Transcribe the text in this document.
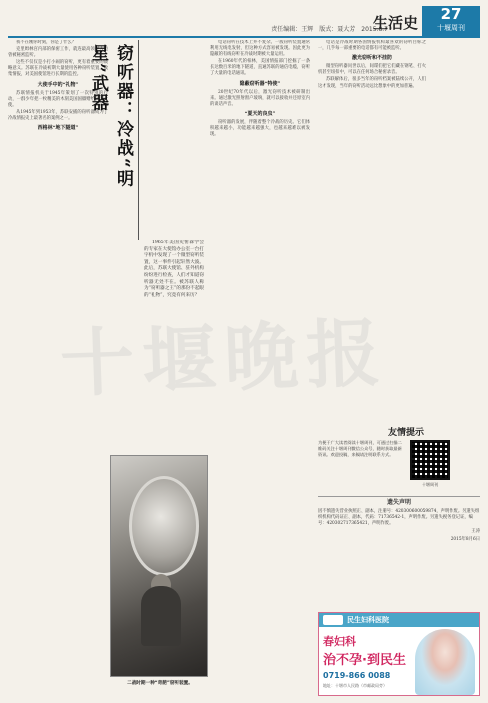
责任编辑：王辉　版式：聂大芳　2015.8.7
生活史	27
十堰周刊
十堰晚报

我不在刚你时刻，你是了什么？

克里姆林宫内部的保密工作，就连最高领导人也曾被秘密监听。

这些不仅仅是小打小闹的窃听，更有着重要的战略意义。苏联在冷战初期大量使用各种窃听装置，收集情报，对美国使馆进行长期的监控。

大使手中的“礼物”

苏联情报机关于1945年策划了一次特别的行动，一群少年把一枚精美的木刻美国国徽赠给美国大使。

从1945年到1953年，苏联安插的窃听器成为了冷战情报史上最著名的案例之一。

西格林“地下隧道”	窃听器：冷战“明星”武器

1965年美国史密森学会的专家在大使馆办公室一台打字机中发现了一个微型窃听装置，这一事件引起轩然大波。此后，苏联大使馆、驻外机构纷纷进行检查，人们才知道窃听器无处不在。被苏联人称为“窃听器之王”的那份不起眼的“礼物”，究竟有何来历？

二战时期一种“奇葩”窃听装置。

电话窃听在技术上并不复杂。一般窃听装置通常利用无线电发射，但这种方式容易被发现。因此更为隐蔽的有线窃听在冷战时期被大量运用。

在1960年代的柏林，美国情报部门挖掘了一条长达数百米的地下隧道，直通苏联的通信电缆，窃听了大量的电话通讯。

隐蔽窃听器“特使”

20世纪70年代以后，激光窃听技术被研制出来。通过激光照射窗户玻璃，就可以接收并还原室内的谈话声音。

“夏天的良虫”

窃听器的发展，伴随着整个冷战的历史。它们体积越来越小，功能越来越强大，也越来越难以被发现。

电话是冷战时期各国情报机构最喜欢的窃听目标之一，几乎每一部重要的电话都有可能被监听。

激光窃听和不挂防

微型窃听器问世以后，间谍们把它们藏在钢笔、打火机甚至纽扣中，可以在任何场合秘密录音。

苏联解体后，很多当年的窃听档案被陆续公开，人们这才发现，当年的窃听活动远比想象中的更加普遍。

友情提示
为便于广大读者阅读十堰周刊，可通过扫描二维码关注十堰周刊微信公众号，随时获取最新资讯。欢迎投稿，来稿请注明联系方式。
十堰周刊
遗失声明
因不慎遗失营业执照正、副本，注册号：420300600059874，声明作废。另遗失组织机构代码证正、副本，代码：71736542-1，声明作废。另遗失税务登记证，编号：420302717365421，声明作废。
王涛
2015年8月6日
民生妇科医院
春妇科
治不孕·到民生
0719-866 0088
地址：十堰市人民路（市邮政局旁）
